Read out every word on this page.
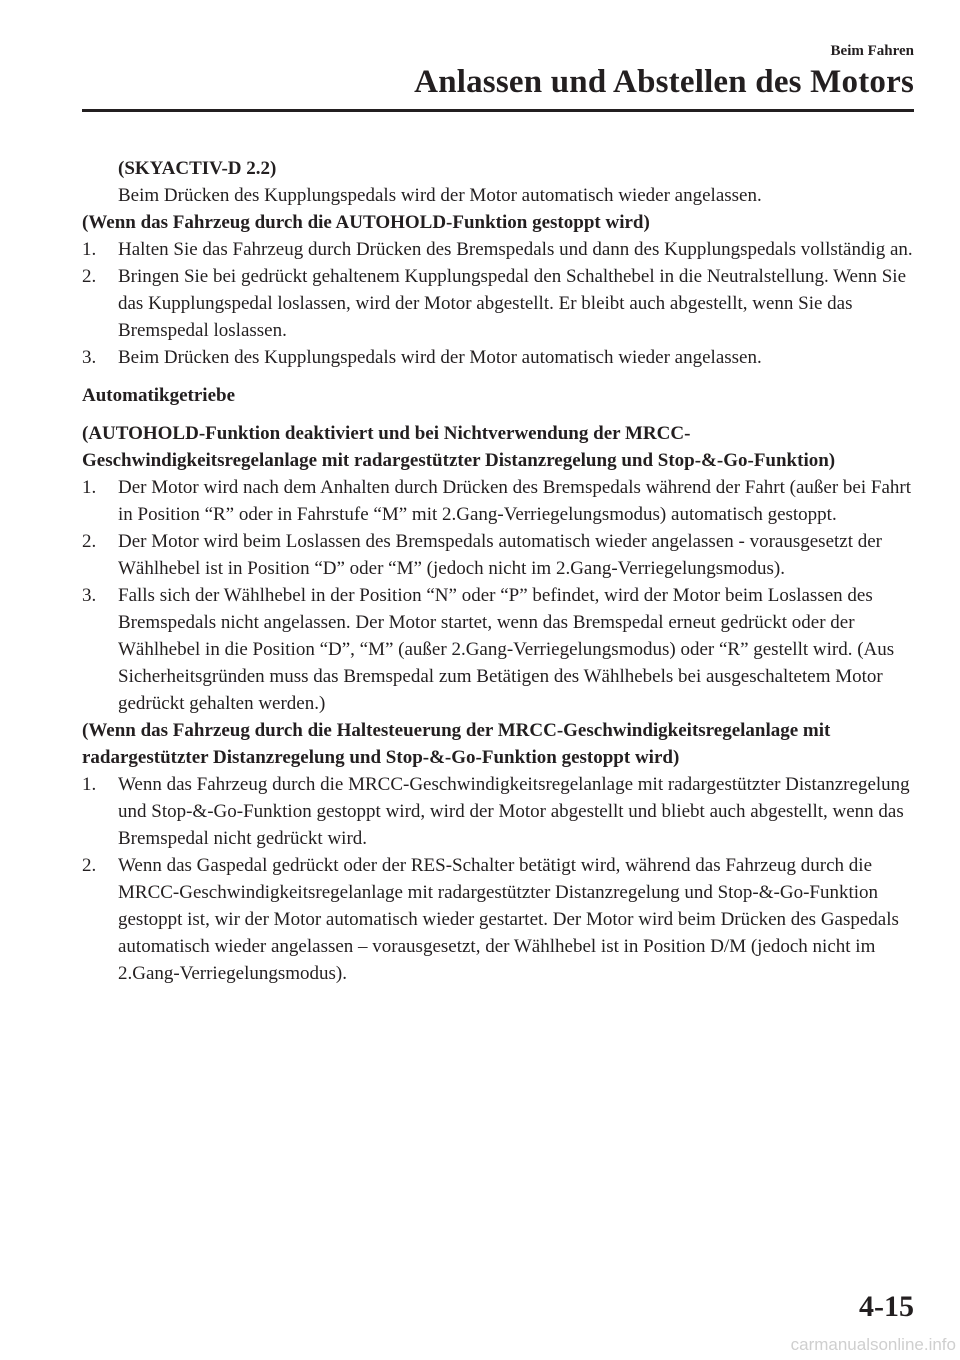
Beim Fahren
Anlassen und Abstellen des Motors

(SKYACTIV-D 2.2)

Beim Drücken des Kupplungspedals wird der Motor automatisch wieder angelassen.

(Wenn das Fahrzeug durch die AUTOHOLD-Funktion gestoppt wird)

1.	Halten Sie das Fahrzeug durch Drücken des Bremspedals und dann des Kupplungspedals vollständig an.
2.	Bringen Sie bei gedrückt gehaltenem Kupplungspedal den Schalthebel in die Neutralstellung. Wenn Sie das Kupplungspedal loslassen, wird der Motor abgestellt. Er bleibt auch abgestellt, wenn Sie das Bremspedal loslassen.
3.	Beim Drücken des Kupplungspedals wird der Motor automatisch wieder angelassen.

Automatikgetriebe

(AUTOHOLD-Funktion deaktiviert und bei Nichtverwendung der MRCC-Geschwindigkeitsregelanlage mit radargestützter Distanzregelung und Stop-&-Go-Funktion)

1.	Der Motor wird nach dem Anhalten durch Drücken des Bremspedals während der Fahrt (außer bei Fahrt in Position “R” oder in Fahrstufe “M” mit 2.Gang-Verriegelungsmodus) automatisch gestoppt.
2.	Der Motor wird beim Loslassen des Bremspedals automatisch wieder angelassen - vorausgesetzt der Wählhebel ist in Position “D” oder “M” (jedoch nicht im 2.Gang-Verriegelungsmodus).
3.	Falls sich der Wählhebel in der Position “N” oder “P” befindet, wird der Motor beim Loslassen des Bremspedals nicht angelassen. Der Motor startet, wenn das Bremspedal erneut gedrückt oder der Wählhebel in die Position “D”, “M” (außer 2.Gang-Verriegelungsmodus) oder “R” gestellt wird. (Aus Sicherheitsgründen muss das Bremspedal zum Betätigen des Wählhebels bei ausgeschaltetem Motor gedrückt gehalten werden.)

(Wenn das Fahrzeug durch die Haltesteuerung der MRCC-Geschwindigkeitsregelanlage mit radargestützter Distanzregelung und Stop-&-Go-Funktion gestoppt wird)

1.	Wenn das Fahrzeug durch die MRCC-Geschwindigkeitsregelanlage mit radargestützter Distanzregelung und Stop-&-Go-Funktion gestoppt wird, wird der Motor abgestellt und bliebt auch abgestellt, wenn das Bremspedal nicht gedrückt wird.
2.	Wenn das Gaspedal gedrückt oder der RES-Schalter betätigt wird, während das Fahrzeug durch die MRCC-Geschwindigkeitsregelanlage mit radargestützter Distanzregelung und Stop-&-Go-Funktion gestoppt ist, wir der Motor automatisch wieder gestartet. Der Motor wird beim Drücken des Gaspedals automatisch wieder angelassen – vorausgesetzt, der Wählhebel ist in Position D/M (jedoch nicht im 2.Gang-Verriegelungsmodus).
4-15
carmanualsonline.info
